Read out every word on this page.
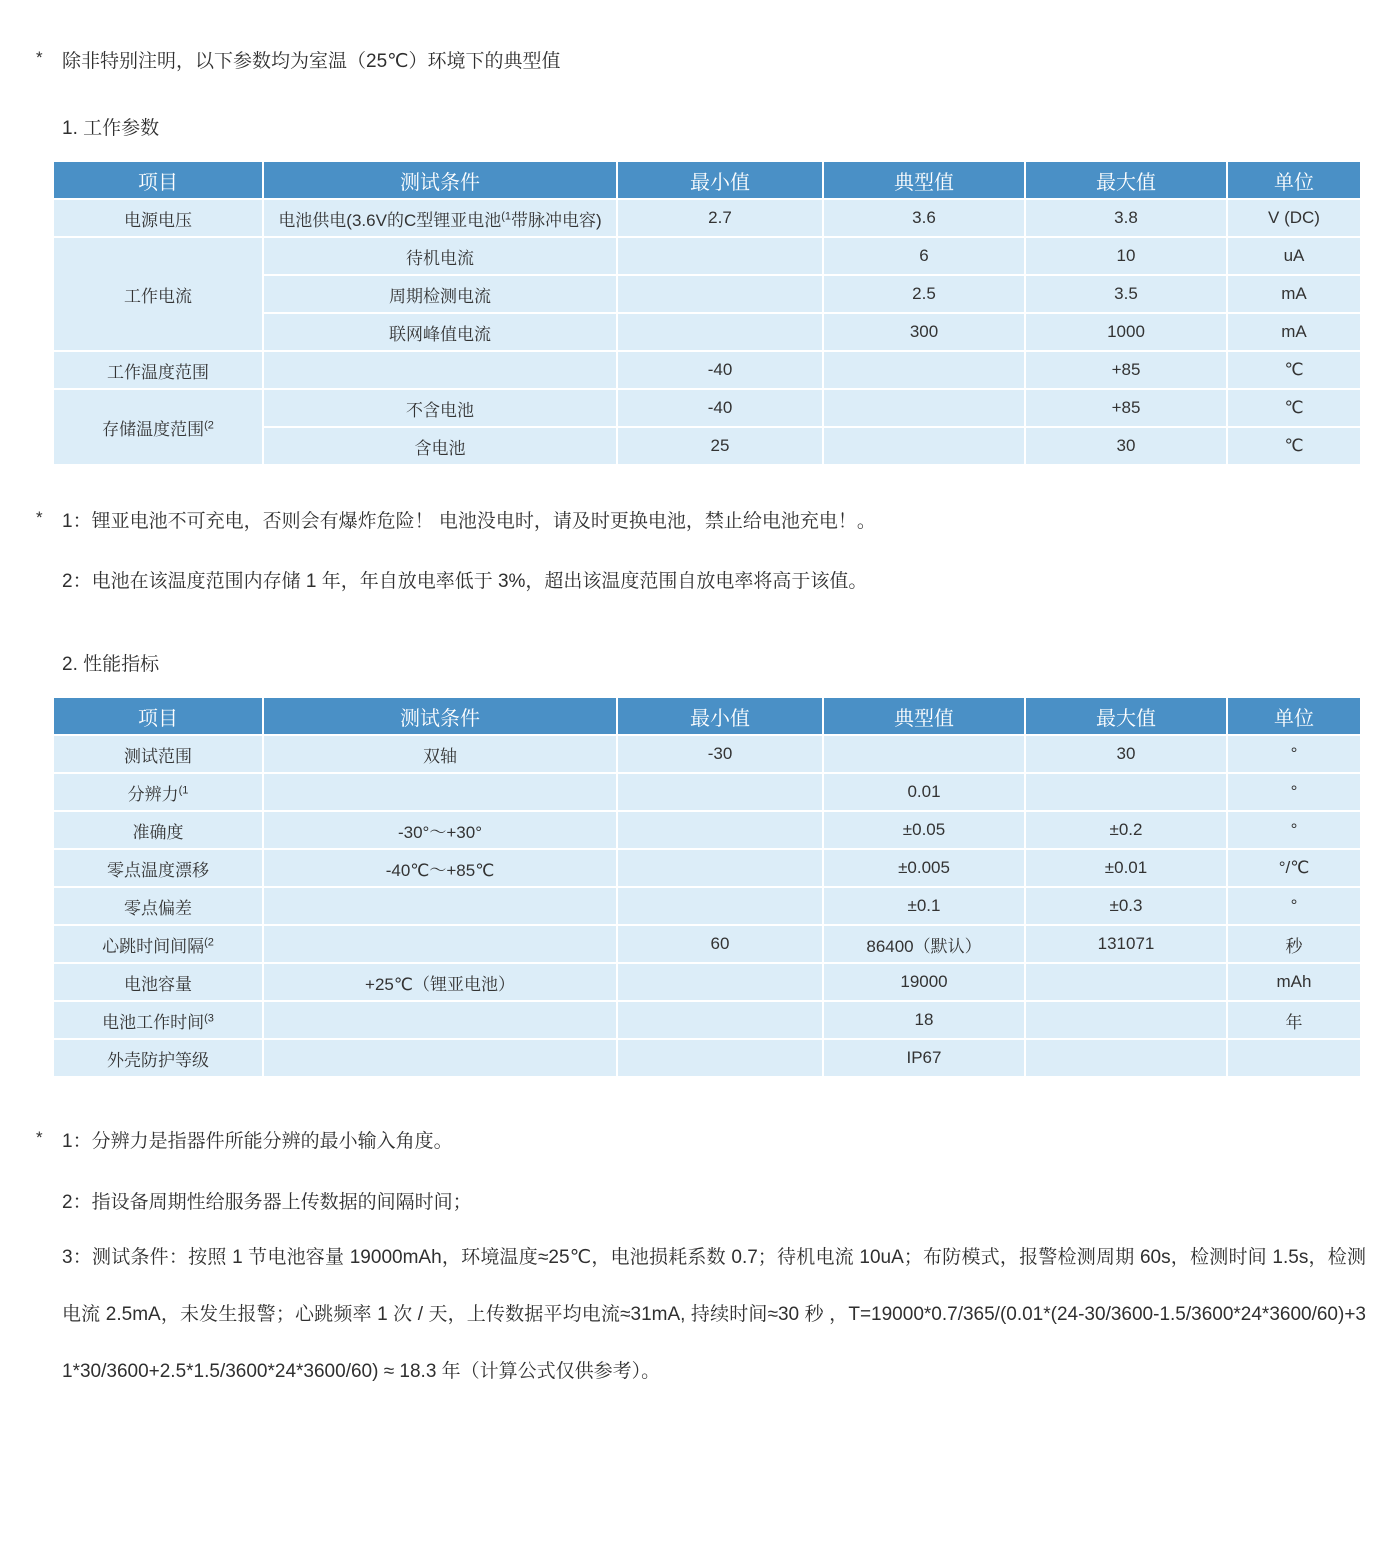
*	除非特别注明，以下参数均为室温（25℃）环境下的典型值
1. 工作参数
项目	测试条件	最小值	典型值	最大值	单位
电源电压	电池供电(3.6V的C型锂亚电池$^{(1}$带脉冲电容)	2.7	3.6	3.8	V (DC)
工作电流	待机电流		6	10	uA
	周期检测电流		2.5	3.5	mA
	联网峰值电流		300	1000	mA
工作温度范围		-40		+85	℃
存储温度范围$^{(2}$	不含电池	-40		+85	℃
	含电池	25		30	℃
*	1：锂亚电池不可充电，否则会有爆炸危险！ 电池没电时，请及时更换电池，禁止给电池充电！。
2：电池在该温度范围内存储 1 年，年自放电率低于 3%，超出该温度范围自放电率将高于该值。
2. 性能指标
项目	测试条件	最小值	典型值	最大值	单位
测试范围	双轴	-30		30	°
分辨力$^{(1}$			0.01		°
准确度	-30°～+30°		±0.05	±0.2	°
零点温度漂移	-40℃～+85℃		±0.005	±0.01	°/℃
零点偏差			±0.1	±0.3	°
心跳时间间隔$^{(2}$		60	86400（默认）	131071	秒
电池容量	+25℃（锂亚电池）		19000		mAh
电池工作时间$^{(3}$			18		年
外壳防护等级			IP67		
*	1：分辨力是指器件所能分辨的最小输入角度。
2：指设备周期性给服务器上传数据的间隔时间；
3：测试条件：按照 1 节电池容量 19000mAh，环境温度≈25℃，电池损耗系数 0.7；待机电流 10uA；布防模式，报警检测周期 60s，检测时间 1.5s，检测电流 2.5mA，未发生报警；心跳频率 1 次 / 天，上传数据平均电流≈31mA, 持续时间≈30 秒 ，T=19000*0.7/365/(0.01*(24-30/3600-1.5/3600*24*3600/60)+31*30/3600+2.5*1.5/3600*24*3600/60) ≈ 18.3 年（计算公式仅供参考）。
